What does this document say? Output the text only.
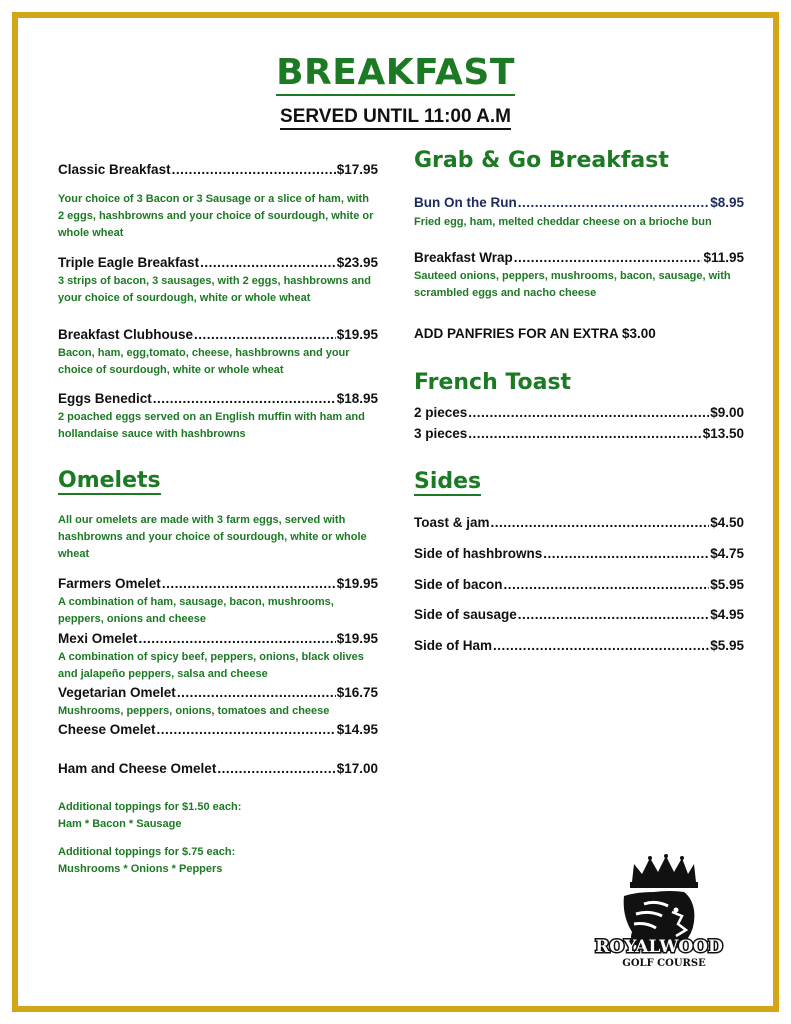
BREAKFAST
SERVED UNTIL 11:00 A.M
Classic Breakfast .....	$17.95
Your choice of 3 Bacon or 3 Sausage or a slice of ham, with 2 eggs, hashbrowns and your choice of sourdough, white or whole wheat
Triple Eagle Breakfast .....	$23.95
3 strips of bacon, 3 sausages, with 2 eggs, hashbrowns and your choice of sourdough, white or whole wheat
Breakfast Clubhouse .....	$19.95
Bacon, ham, egg,tomato, cheese, hashbrowns and your choice of sourdough, white or whole wheat
Eggs Benedict .....	$18.95
2 poached eggs served on an English muffin with ham and hollandaise sauce with hashbrowns
Omelets
All our omelets are made with 3 farm eggs, served with hashbrowns and your choice of sourdough, white or whole wheat
Farmers Omelet .....	$19.95
A combination of ham, sausage, bacon, mushrooms, peppers, onions and cheese
Mexi Omelet .....	$19.95
A combination of spicy beef, peppers, onions, black olives and jalapeño peppers, salsa and cheese
Vegetarian Omelet .....	$16.75
Mushrooms, peppers, onions, tomatoes and cheese
Cheese Omelet .....	$14.95
Ham and Cheese Omelet .....	$17.00
Additional toppings for $1.50 each:
Ham * Bacon * Sausage
Additional toppings for $.75 each:
Mushrooms * Onions * Peppers
Grab & Go Breakfast
Bun On the Run .....	$8.95
Fried egg, ham, melted cheddar cheese on a brioche bun
Breakfast Wrap .....	$11.95
Sauteed onions, peppers, mushrooms, bacon, sausage, with scrambled eggs and nacho cheese
ADD PANFRIES FOR AN EXTRA $3.00
French Toast
2 pieces .....	$9.00
3 pieces .....	$13.50
Sides
Toast & jam .....	$4.50
Side of hashbrowns .....	$4.75
Side of bacon .....	$5.95
Side of sausage .....	$4.95
Side of Ham .....	$5.95
ROYALWOOD
GOLF COURSE
